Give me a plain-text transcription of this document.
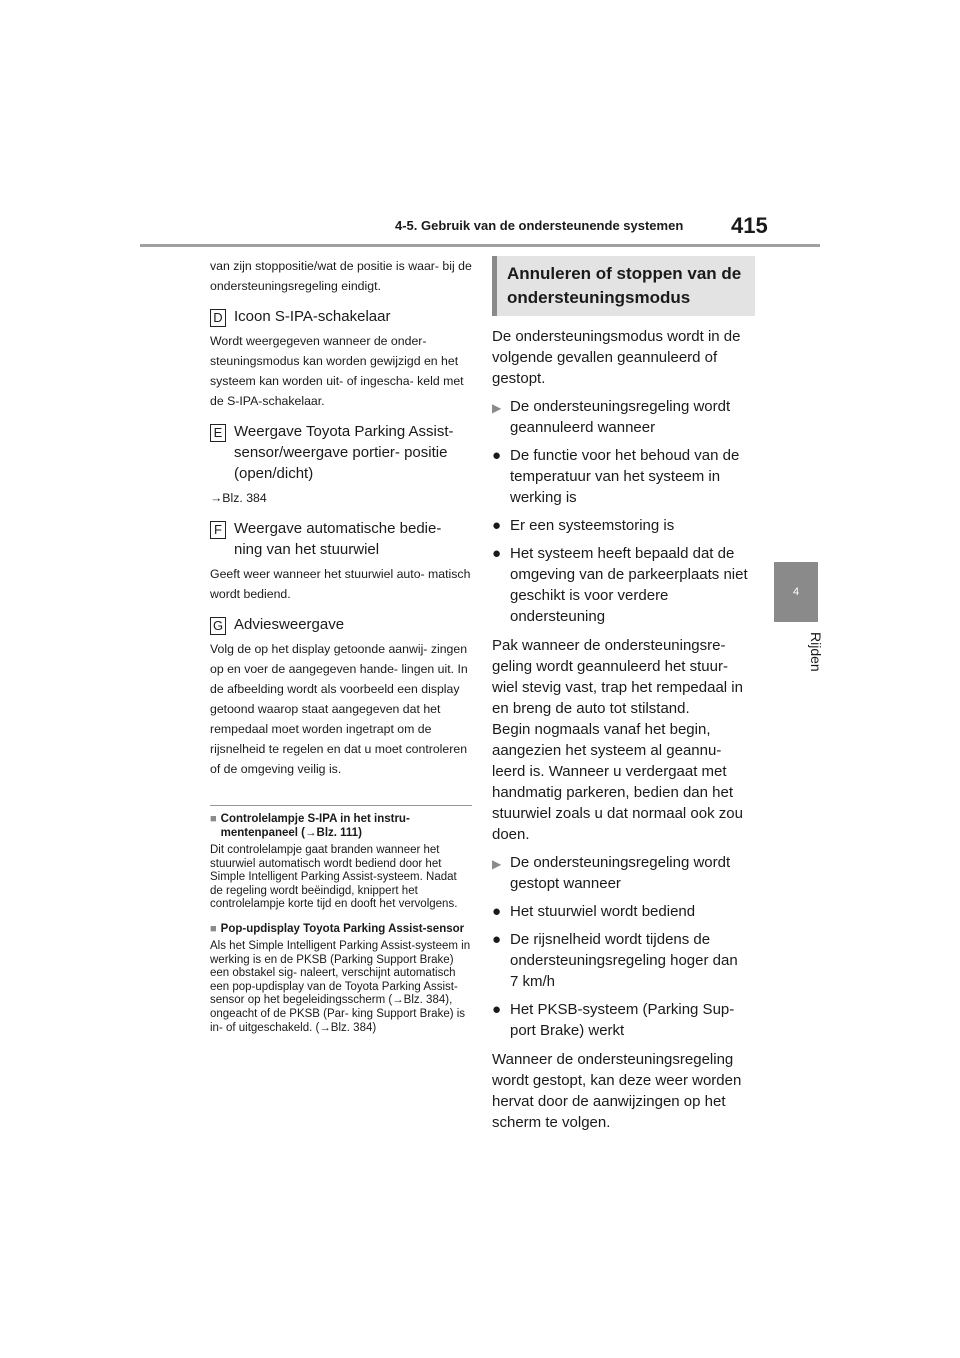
4-5. Gebruik van de ondersteunende systemen 415
4
Rijden

van zijn stoppositie/wat de positie is waar- bij de ondersteuningsregeling eindigt.

D Icoon S-IPA-schakelaar

Wordt weergegeven wanneer de onder- steuningsmodus kan worden gewijzigd en het systeem kan worden uit- of ingescha- keld met de S-IPA-schakelaar.

E Weergave Toyota Parking Assist-sensor/weergave portier- positie (open/dicht)

→Blz. 384

F Weergave automatische bedie- ning van het stuurwiel

Geeft weer wanneer het stuurwiel auto- matisch wordt bediend.

G Adviesweergave

Volg de op het display getoonde aanwij- zingen op en voer de aangegeven hande- lingen uit. In de afbeelding wordt als voorbeeld een display getoond waarop staat aangegeven dat het rempedaal moet worden ingetrapt om de rijsnelheid te regelen en dat u moet controleren of de omgeving veilig is.

■ Controlelampje S-IPA in het instru- mentenpaneel (→Blz. 111)

Dit controlelampje gaat branden wanneer het stuurwiel automatisch wordt bediend door het Simple Intelligent Parking Assist-systeem. Nadat de regeling wordt beëindigd, knippert het controlelampje korte tijd en dooft het vervolgens.

■ Pop-updisplay Toyota Parking Assist-sensor

Als het Simple Intelligent Parking Assist-systeem in werking is en de PKSB (Parking Support Brake) een obstakel sig- naleert, verschijnt automatisch een pop-updisplay van de Toyota Parking Assist-sensor op het begeleidingsscherm (→Blz. 384), ongeacht of de PKSB (Par- king Support Brake) is in- of uitgeschakeld. (→Blz. 384)

Annuleren of stoppen van de ondersteuningsmodus

De ondersteuningsmodus wordt in de volgende gevallen geannuleerd of gestopt.

▶ De ondersteuningsregeling wordt geannuleerd wanneer
● De functie voor het behoud van de temperatuur van het systeem in werking is
● Er een systeemstoring is
● Het systeem heeft bepaald dat de omgeving van de parkeerplaats niet geschikt is voor verdere ondersteuning

Pak wanneer de ondersteuningsre- geling wordt geannuleerd het stuur- wiel stevig vast, trap het rempedaal in en breng de auto tot stilstand.

Begin nogmaals vanaf het begin, aangezien het systeem al geannu- leerd is. Wanneer u verdergaat met handmatig parkeren, bedien dan het stuurwiel zoals u dat normaal ook zou doen.

▶ De ondersteuningsregeling wordt gestopt wanneer
● Het stuurwiel wordt bediend
● De rijsnelheid wordt tijdens de ondersteuningsregeling hoger dan 7 km/h
● Het PKSB-systeem (Parking Sup- port Brake) werkt

Wanneer de ondersteuningsregeling wordt gestopt, kan deze weer worden hervat door de aanwijzingen op het scherm te volgen.
